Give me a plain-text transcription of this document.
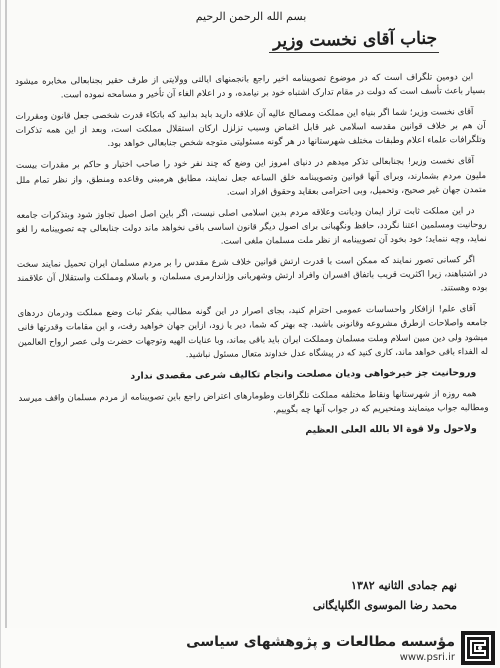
بسم الله الرحمن الرحیم
جناب آقای نخست وزیر

این دومین تلگراف است که در موضوع تصویبنامه اخیر راجع بانجمنهای ایالتی وولایتی از طرف حقیر بجنابعالی مخابره میشود بسیار باعث تأسف است که دولت در مقام تدارک اشتباه خود بر نیامده، و در اعلام الغاء آن تأخیر و مسامحه نموده است.

آقای نخست وزیر؛ شما اگر بنیاه این مملکت ومصالح عالیه آن علاقه دارید باید بدانید که باتکاء قدرت شخصی جعل قانون ومقررات آن هم بر خلاف قوانین مقدسه اسلامی غیر قابل اغماض وسبب تزلزل ارکان استقلال مملکت است، وبعد از این همه تذکرات وتلگرافات علماء اعلام وطبقات مختلف شهرستانها در هر گونه مسئولیتی متوجه شخص جنابعالی خواهد بود.

آقای نخست وزیر! بجنابعالی تذکر میدهم در دنیای امروز این وضع که چند نفر خود را صاحب اختیار و حاکم بر مقدرات بیست مليون مردم بشمارند، وبرای آنها قوانین وتصویبنامه خلق الساعه جعل نمایند، مطابق هرمبنی وقاعده ومنطق، واز نظر تمام ملل متمدن جهان غیر صحیح، وتحمیل، وبی احترامی بعقاید وحقوق افراد است.

در این مملکت ثابت تراز ایمان ودیانت وعلاقه مردم بدین اسلامی اصلی نیست، اگر باین اصل اصیل تجاوز شود وبتذکرات جامعه روحانیت ومسلمین اعتنا نگردد، حافظ ونگهبانی برای اصول دیگر قانون اساسی باقی نخواهد ماند دولت جنابعالی چه تصویبنامه را لغو نماید، وچه ننماید؛ خود بخود آن تصویبنامه از نظر ملت مسلمان ملغی است.

اگر کسانی تصور نمایند که ممکن است با قدرت ارتش قوانین خلاف شرع مقدس را بر مردم مسلمان ایران تحمیل نمایند سخت در اشتباهند، زیرا اکثریت قریب باتفاق افسران وافراد ارتش وشهربانی وژاندارمری مسلمان، و باسلام ومملکت واستقلال آن علاقمند بوده وهستند.

آقای علم! ازافکار واحساسات عمومی احترام کنید، بجای اصرار در این گونه مطالب بفکر ثبات وضع مملکت ودرمان دردهای جامعه واصلاحات ازطرق مشروعه وقانونی باشید. چه بهتر که شما، دیر یا زود، ازاین جهان خواهید رفت، و این مقامات وقدرتها فانی میشود ولی دین مبین اسلام وملت مسلمان ومملکت ایران باید باقی بماند، وبا عنایات الهیه وتوجهات حضرت ولی عصر ارواح العالمین له الفداء باقی خواهد ماند، کاری کنید که در پیشگاه عدل خداوند متعال مسئول نباشید.

وروحانیت جز خیرخواهی ودیان مصلحت وانجام تکالیف شرعی مقصدی ندارد

همه روزه از شهرستانها ونقاط مختلفه مملکت تلگرافات وطومارهای اعتراض راجع باین تصویبنامه از مردم مسلمان واقف میرسد ومطالبه جواب مینمایند ومتحیریم که در جواب آنها چه بگوییم.

ولاحول ولا قوة الا بالله العلی العظیم

نهم جمادی الثانیه ۱۳۸۲
محمد رضا الموسوی الگلپایگانی
مؤسسه مطالعات و پژوهشهای سیاسی
www.psri.ir
